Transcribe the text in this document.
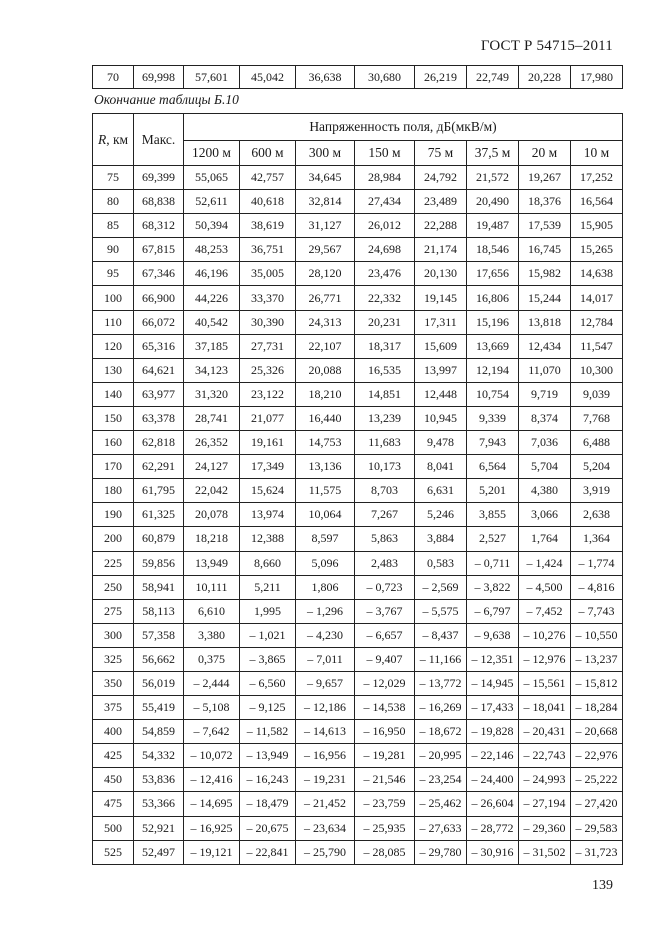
ГОСТ Р 54715–2011
70	69,998	57,601	45,042	36,638	30,680	26,219	22,749	20,228	17,980
Окончание таблицы Б.10
R, км	Макс.	Напряженность поля, дБ(мкВ/м)							
		1200 м	600 м	300 м	150 м	75 м	37,5 м	20 м	10 м
75	69,399	55,065	42,757	34,645	28,984	24,792	21,572	19,267	17,252
80	68,838	52,611	40,618	32,814	27,434	23,489	20,490	18,376	16,564
85	68,312	50,394	38,619	31,127	26,012	22,288	19,487	17,539	15,905
90	67,815	48,253	36,751	29,567	24,698	21,174	18,546	16,745	15,265
95	67,346	46,196	35,005	28,120	23,476	20,130	17,656	15,982	14,638
100	66,900	44,226	33,370	26,771	22,332	19,145	16,806	15,244	14,017
110	66,072	40,542	30,390	24,313	20,231	17,311	15,196	13,818	12,784
120	65,316	37,185	27,731	22,107	18,317	15,609	13,669	12,434	11,547
130	64,621	34,123	25,326	20,088	16,535	13,997	12,194	11,070	10,300
140	63,977	31,320	23,122	18,210	14,851	12,448	10,754	9,719	9,039
150	63,378	28,741	21,077	16,440	13,239	10,945	9,339	8,374	7,768
160	62,818	26,352	19,161	14,753	11,683	9,478	7,943	7,036	6,488
170	62,291	24,127	17,349	13,136	10,173	8,041	6,564	5,704	5,204
180	61,795	22,042	15,624	11,575	8,703	6,631	5,201	4,380	3,919
190	61,325	20,078	13,974	10,064	7,267	5,246	3,855	3,066	2,638
200	60,879	18,218	12,388	8,597	5,863	3,884	2,527	1,764	1,364
225	59,856	13,949	8,660	5,096	2,483	0,583	– 0,711	– 1,424	– 1,774
250	58,941	10,111	5,211	1,806	– 0,723	– 2,569	– 3,822	– 4,500	– 4,816
275	58,113	6,610	1,995	– 1,296	– 3,767	– 5,575	– 6,797	– 7,452	– 7,743
300	57,358	3,380	– 1,021	– 4,230	– 6,657	– 8,437	– 9,638	– 10,276	– 10,550
325	56,662	0,375	– 3,865	– 7,011	– 9,407	– 11,166	– 12,351	– 12,976	– 13,237
350	56,019	– 2,444	– 6,560	– 9,657	– 12,029	– 13,772	– 14,945	– 15,561	– 15,812
375	55,419	– 5,108	– 9,125	– 12,186	– 14,538	– 16,269	– 17,433	– 18,041	– 18,284
400	54,859	– 7,642	– 11,582	– 14,613	– 16,950	– 18,672	– 19,828	– 20,431	– 20,668
425	54,332	– 10,072	– 13,949	– 16,956	– 19,281	– 20,995	– 22,146	– 22,743	– 22,976
450	53,836	– 12,416	– 16,243	– 19,231	– 21,546	– 23,254	– 24,400	– 24,993	– 25,222
475	53,366	– 14,695	– 18,479	– 21,452	– 23,759	– 25,462	– 26,604	– 27,194	– 27,420
500	52,921	– 16,925	– 20,675	– 23,634	– 25,935	– 27,633	– 28,772	– 29,360	– 29,583
525	52,497	– 19,121	– 22,841	– 25,790	– 28,085	– 29,780	– 30,916	– 31,502	– 31,723
139
